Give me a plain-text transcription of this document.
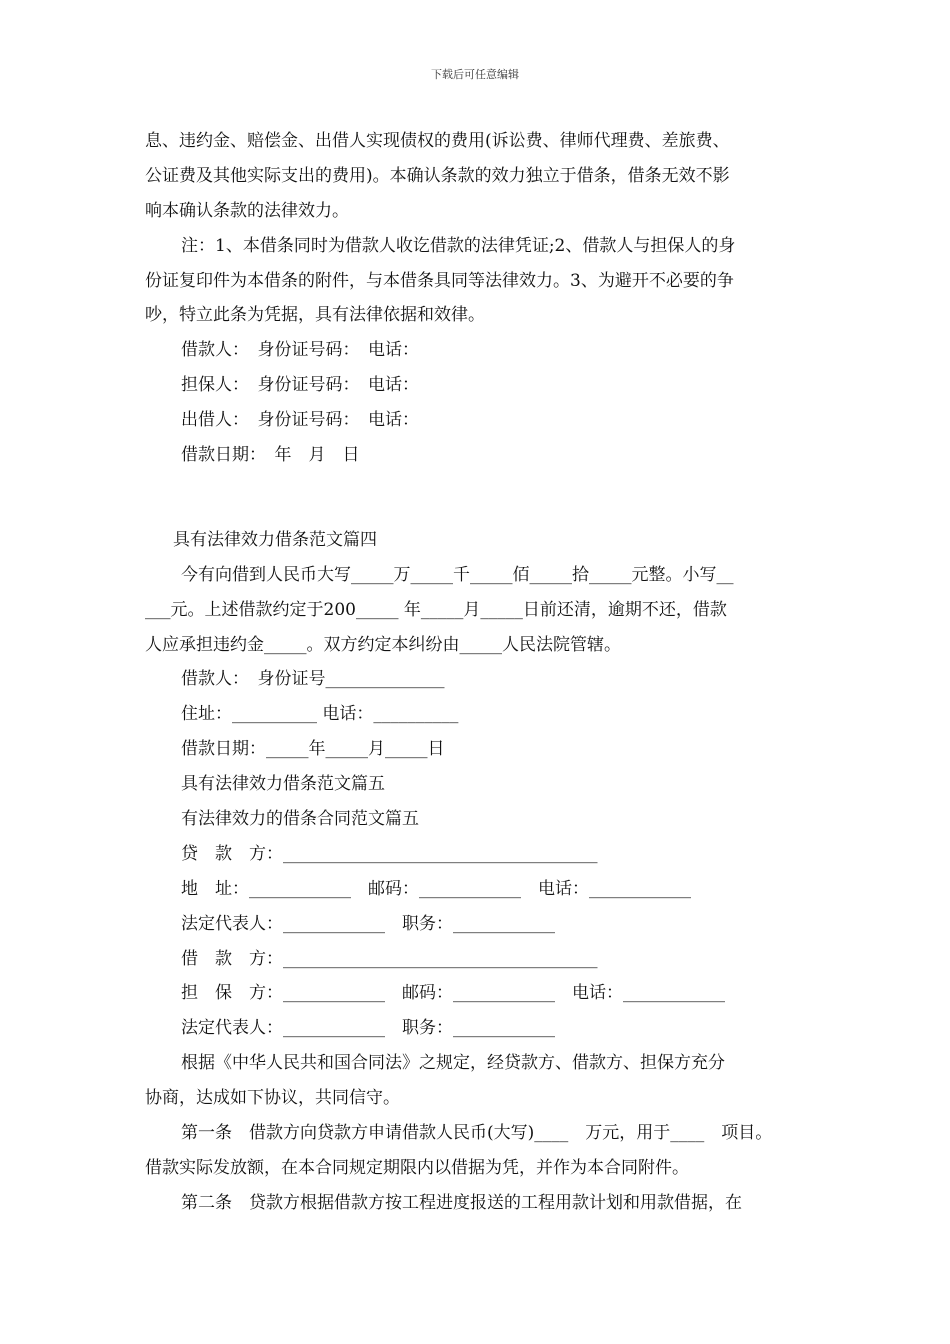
下载后可任意编辑
息、违约金、赔偿金、出借人实现债权的费用(诉讼费、律师代理费、差旅费、
公证费及其他实际支出的费用)。本确认条款的效力独立于借条，借条无效不影
响本确认条款的法律效力。
注：1、本借条同时为借款人收讫借款的法律凭证;2、借款人与担保人的身
份证复印件为本借条的附件，与本借条具同等法律效力。3、为避开不必要的争
吵，特立此条为凭据，具有法律依据和效律。
借款人：　身份证号码：　电话：
担保人：　身份证号码：　电话：
出借人：　身份证号码：　电话：
借款日期：　年　月　日
具有法律效力借条范文篇四
今有向借到人民币大写_____万_____千_____佰_____拾_____元整。小写__
___元。上述借款约定于200_____ 年_____月_____日前还清，逾期不还，借款
人应承担违约金_____。双方约定本纠纷由_____人民法院管辖。
借款人：　身份证号______________
住址：__________ 电话：__________
借款日期：_____年_____月_____日
具有法律效力借条范文篇五
有法律效力的借条合同范文篇五
贷　款　方：_____________________________________
地　址：____________　邮码：____________　电话：____________
法定代表人：____________　职务：____________
借　款　方：_____________________________________
担　保　方：____________　邮码：____________　电话：____________
法定代表人：____________　职务：____________
根据《中华人民共和国合同法》之规定，经贷款方、借款方、担保方充分
协商，达成如下协议，共同信守。
第一条　借款方向贷款方申请借款人民币(大写)____　万元，用于____　项目。
借款实际发放额，在本合同规定期限内以借据为凭，并作为本合同附件。
第二条　贷款方根据借款方按工程进度报送的工程用款计划和用款借据，在
